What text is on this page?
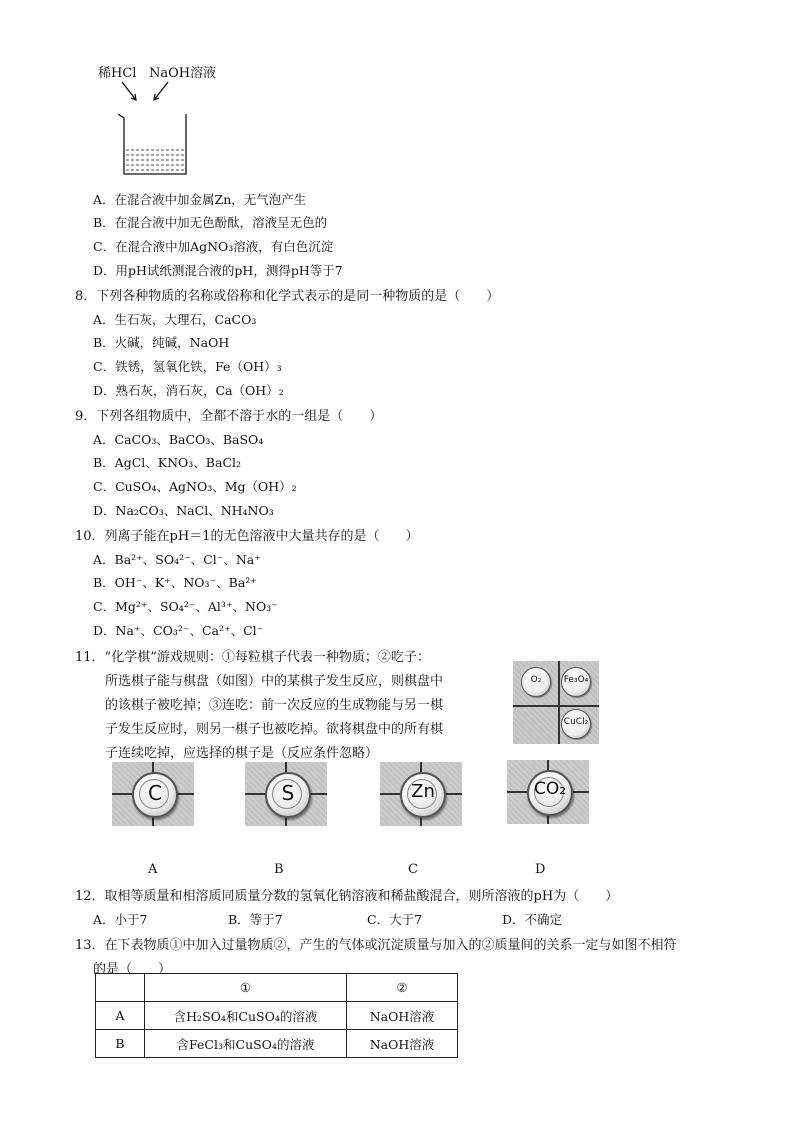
稀HCl NaOH溶液
A．在混合液中加金属Zn，无气泡产生
B．在混合液中加无色酚酞，溶液呈无色的
C．在混合液中加AgNO₃溶液，有白色沉淀
D．用pH试纸测混合液的pH，测得pH等于7
8．下列各种物质的名称或俗称和化学式表示的是同一种物质的是（　　）
A．生石灰，大理石，CaCO₃
B．火碱，纯碱，NaOH
C．铁锈，氢氧化铁，Fe（OH）₃
D．熟石灰，消石灰，Ca（OH）₂
9．下列各组物质中，全都不溶于水的一组是（　　）
A．CaCO₃、BaCO₃、BaSO₄
B．AgCl、KNO₃、BaCl₂
C．CuSO₄、AgNO₃、Mg（OH）₂
D．Na₂CO₃、NaCl、NH₄NO₃
10．列离子能在pH＝1的无色溶液中大量共存的是（　　）
A．Ba²⁺、SO₄²⁻、Cl⁻、Na⁺
B．OH⁻、K⁺、NO₃⁻、Ba²⁺
C．Mg²⁺、SO₄²⁻、Al³⁺、NO₃⁻
D．Na⁺、CO₃²⁻、Ca²⁺、Cl⁻
11．“化学棋”游戏规则：①每粒棋子代表一种物质；②吃子：
所选棋子能与棋盘（如图）中的某棋子发生反应，则棋盘中
的该棋子被吃掉；③连吃：前一次反应的生成物能与另一棋
子发生反应时，则另一棋子也被吃掉。欲将棋盘中的所有棋
子连续吃掉，应选择的棋子是（反应条件忽略）
O₂	Fe₃O₄
CuCl₂
C	S	Zn	CO₂
A	B	C	D
12．取相等质量和相溶质同质量分数的氢氧化钠溶液和稀盐酸混合，则所溶液的pH为（　　）
A．小于7	B．等于7	C．大于7	D．不确定
13．在下表物质①中加入过量物质②，产生的气体或沉淀质量与加入的②质量间的关系一定与如图不相符
的是（　　）
	①	②
A	含H₂SO₄和CuSO₄的溶液	NaOH溶液
B	含FeCl₃和CuSO₄的溶液	NaOH溶液
